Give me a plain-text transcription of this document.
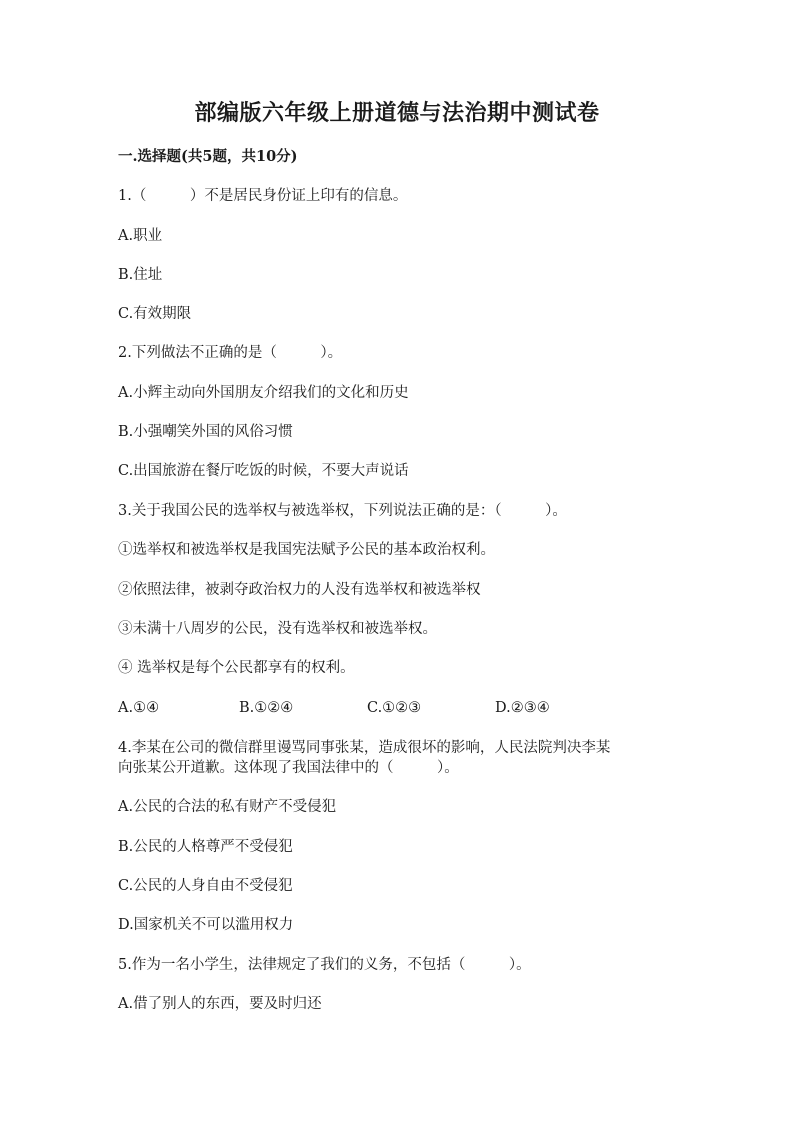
部编版六年级上册道德与法治期中测试卷
一.选择题(共5题，共10分)
1.（　　　）不是居民身份证上印有的信息。
A.职业
B.住址
C.有效期限
2.下列做法不正确的是（　　　）。
A.小辉主动向外国朋友介绍我们的文化和历史
B.小强嘲笑外国的风俗习惯
C.出国旅游在餐厅吃饭的时候，不要大声说话
3.关于我国公民的选举权与被选举权，下列说法正确的是：（　　　）。
①选举权和被选举权是我国宪法赋予公民的基本政治权利。
②依照法律，被剥夺政治权力的人没有选举权和被选举权
③未满十八周岁的公民，没有选举权和被选举权。
④ 选举权是每个公民都享有的权利。
A.①④	B.①②④	C.①②③	D.②③④
4.李某在公司的微信群里谩骂同事张某，造成很坏的影响，人民法院判决李某
向张某公开道歉。这体现了我国法律中的（　　　）。
A.公民的合法的私有财产不受侵犯
B.公民的人格尊严不受侵犯
C.公民的人身自由不受侵犯
D.国家机关不可以滥用权力
5.作为一名小学生，法律规定了我们的义务，不包括（　　　）。
A.借了别人的东西，要及时归还
